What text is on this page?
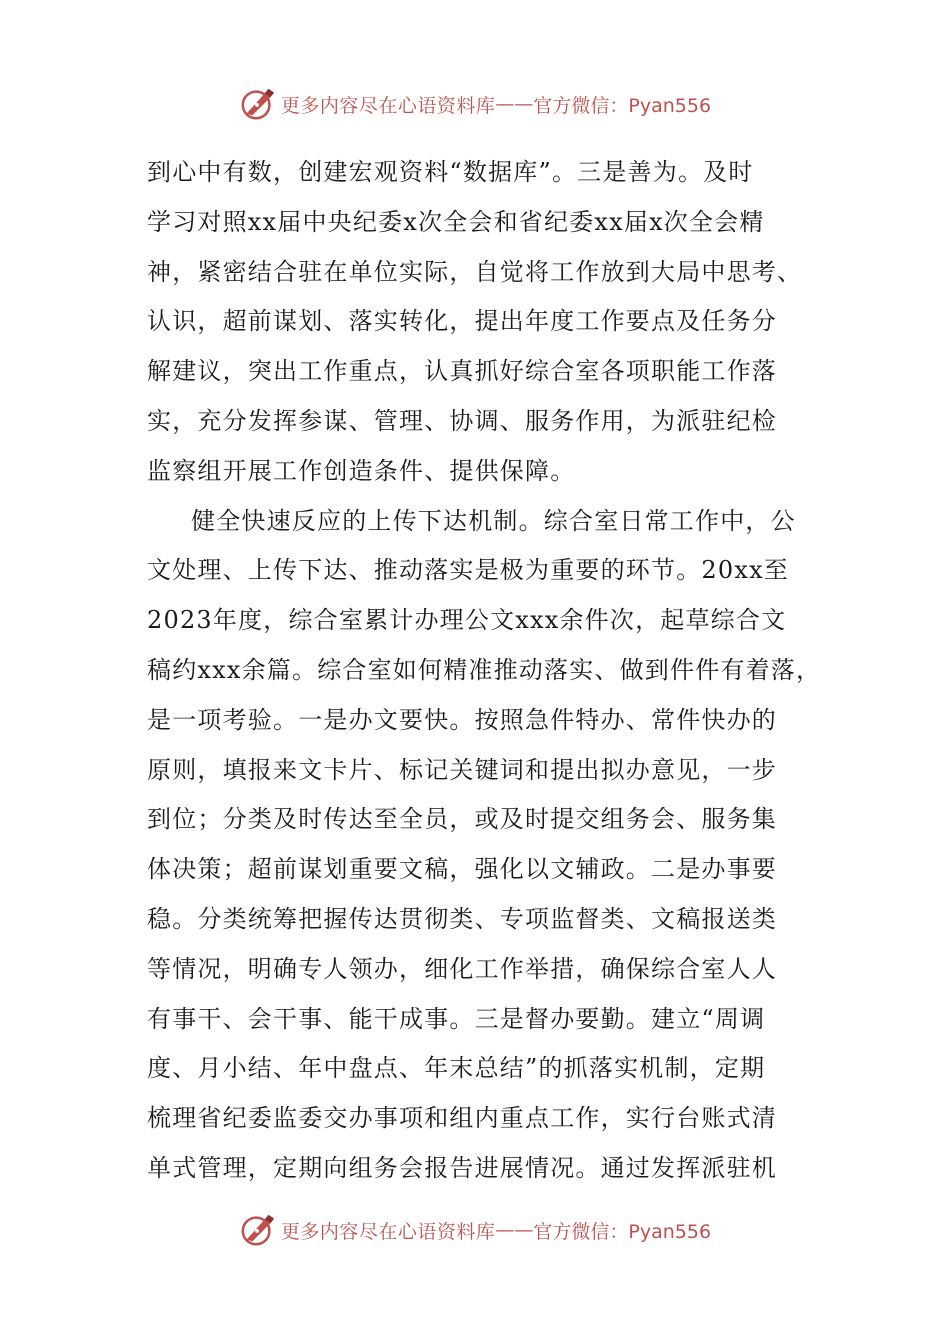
更多内容尽在心语资料库 —— 官方微信：Pyan556
到心中有数，创建宏观资料“数据库”。三是善为。及时
学习对照xx届中央纪委x次全会和省纪委xx届x次全会精
神，紧密结合驻在单位实际，自觉将工作放到大局中思考、
认识，超前谋划、落实转化，提出年度工作要点及任务分
解建议，突出工作重点，认真抓好综合室各项职能工作落
实，充分发挥参谋、管理、协调、服务作用，为派驻纪检
监察组开展工作创造条件、提供保障。
健全快速反应的上传下达机制。综合室日常工作中，公
文处理、上传下达、推动落实是极为重要的环节。20xx至
2023年度，综合室累计办理公文xxx余件次，起草综合文
稿约xxx余篇。综合室如何精准推动落实、做到件件有着落，
是一项考验。一是办文要快。按照急件特办、常件快办的
原则，填报来文卡片、标记关键词和提出拟办意见，一步
到位；分类及时传达至全员，或及时提交组务会、服务集
体决策；超前谋划重要文稿，强化以文辅政。二是办事要
稳。分类统筹把握传达贯彻类、专项监督类、文稿报送类
等情况，明确专人领办，细化工作举措，确保综合室人人
有事干、会干事、能干成事。三是督办要勤。建立“周调
度、月小结、年中盘点、年末总结”的抓落实机制，定期
梳理省纪委监委交办事项和组内重点工作，实行台账式清
单式管理，定期向组务会报告进展情况。通过发挥派驻机
更多内容尽在心语资料库 —— 官方微信：Pyan556
